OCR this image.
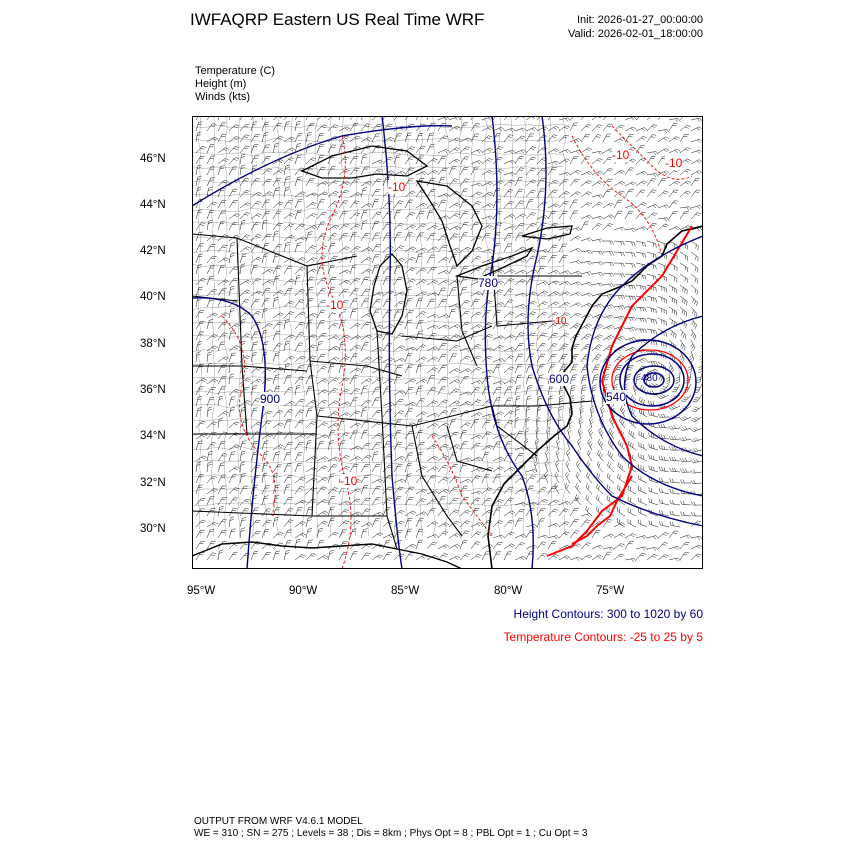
IWFAQRP Eastern US Real Time WRF	Init: 2026-01-27_00:00:00
Valid: 2026-02-01_18:00:00
Temperature (C)
Height (m)
Winds (kts)
780
900
600
540
480
-10
-10
-10
-10
-10
-10
46°N
44°N
42°N
40°N
38°N
36°N
34°N
32°N
30°N
95°W	90°W	85°W	80°W	75°W
Height Contours: 300 to 1020 by 60
Temperature Contours: -25 to 25 by 5
OUTPUT FROM WRF V4.6.1 MODEL
WE = 310 ; SN = 275 ; Levels = 38 ; Dis = 8km ; Phys Opt = 8 ; PBL Opt = 1 ; Cu Opt = 3
